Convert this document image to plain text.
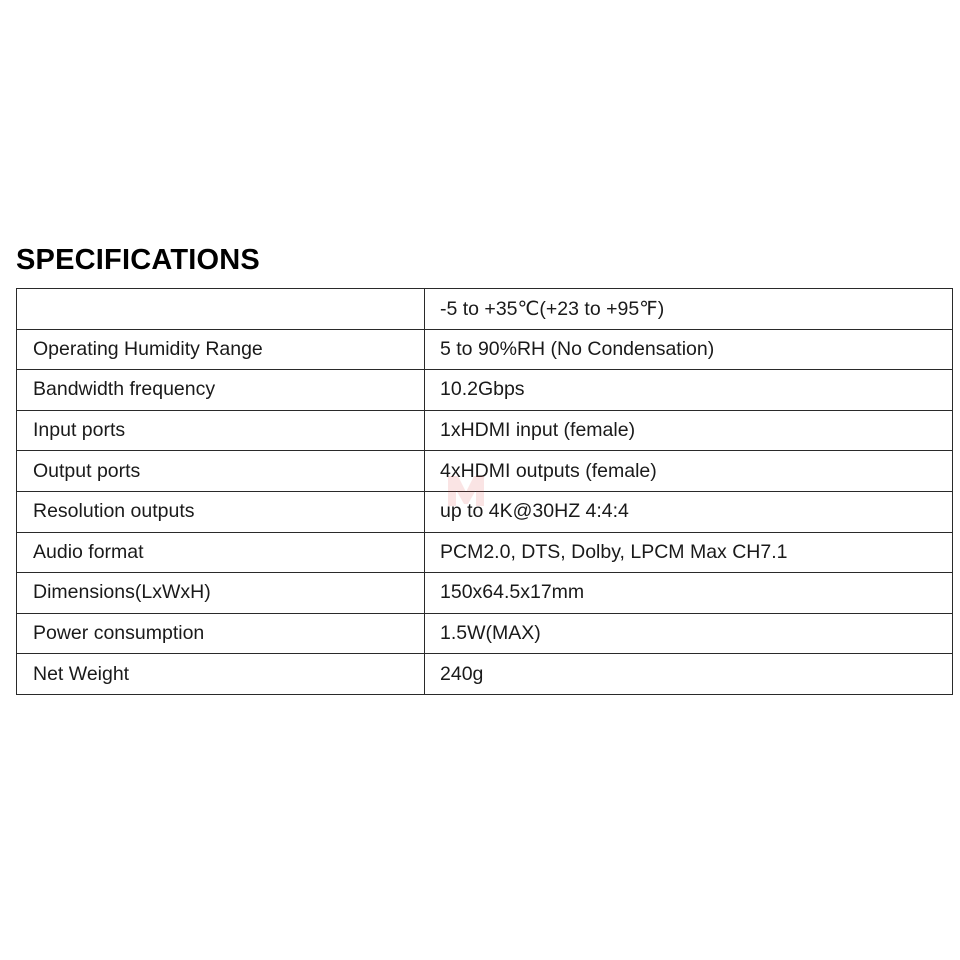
SPECIFICATIONS
	-5 to +35℃(+23 to +95℉)
Operating Humidity Range	5 to 90%RH (No Condensation)
Bandwidth frequency	10.2Gbps
Input ports	1xHDMI input (female)
Output ports	4xHDMI outputs (female)
Resolution outputs	up to 4K@30HZ 4:4:4
Audio format	PCM2.0, DTS, Dolby, LPCM Max CH7.1
Dimensions(LxWxH)	150x64.5x17mm
Power consumption	1.5W(MAX)
Net Weight	240g
